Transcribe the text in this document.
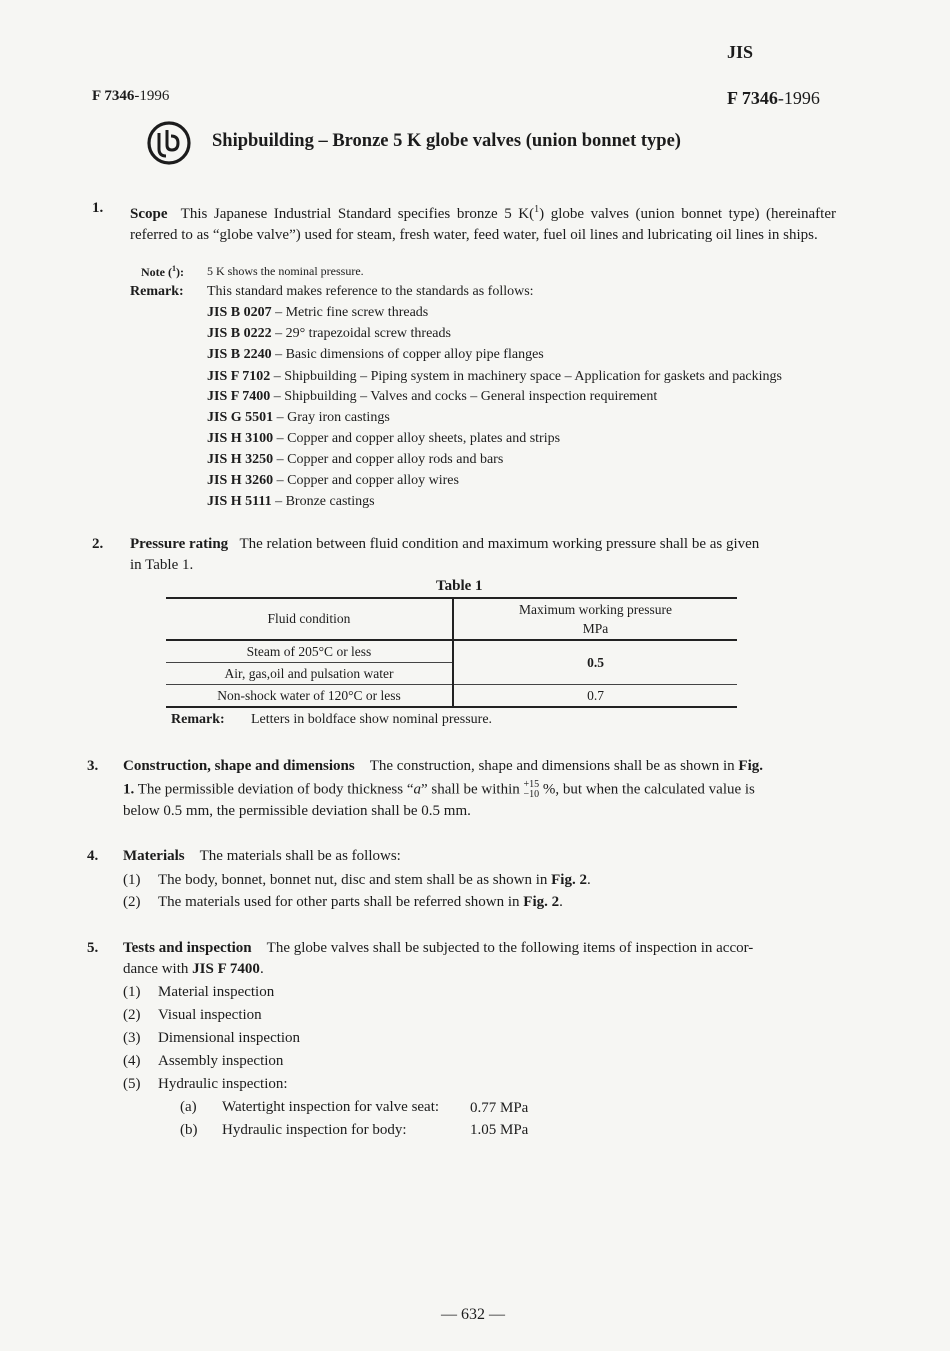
JIS
F 7346-1996	F 7346-1996
Shipbuilding – Bronze 5 K globe valves (union bonnet type)
1. Scope This Japanese Industrial Standard specifies bronze 5 K($^1$) globe valves (union bonnet type) (hereinafter referred to as “globe valve”) used for steam, fresh water, feed water, fuel oil lines and lubricating oil lines in ships.
Note ($^1$): 5 K shows the nominal pressure.
Remark: This standard makes reference to the standards as follows:
JIS B 0207 – Metric fine screw threads
JIS B 0222 – 29° trapezoidal screw threads
JIS B 2240 – Basic dimensions of copper alloy pipe flanges
JIS F 7102 – Shipbuilding – Piping system in machinery space – Application for gaskets and packings
JIS F 7400 – Shipbuilding – Valves and cocks – General inspection requirement
JIS G 5501 – Gray iron castings
JIS H 3100 – Copper and copper alloy sheets, plates and strips
JIS H 3250 – Copper and copper alloy rods and bars
JIS H 3260 – Copper and copper alloy wires
JIS H 5111 – Bronze castings
2. Pressure rating The relation between fluid condition and maximum working pressure shall be as given
in Table 1.
Table 1
Fluid condition	Maximum working pressure
MPa
Steam of 205°C or less	0.5
Air, gas,oil and pulsation water	
Non-shock water of 120°C or less	0.7
Remark: Letters in boldface show nominal pressure.
3. Construction, shape and dimensions The construction, shape and dimensions shall be as shown in Fig.
1. The permissible deviation of body thickness “a” shall be within +15
−10 %, but when the calculated value is
below 0.5 mm, the permissible deviation shall be 0.5 mm.
4. Materials The materials shall be as follows:
(1) The body, bonnet, bonnet nut, disc and stem shall be as shown in Fig. 2.
(2) The materials used for other parts shall be referred shown in Fig. 2.
5. Tests and inspection The globe valves shall be subjected to the following items of inspection in accor-
dance with JIS F 7400.
(1) Material inspection
(2) Visual inspection
(3) Dimensional inspection
(4) Assembly inspection
(5) Hydraulic inspection:
(a) Watertight inspection for valve seat: 0.77 MPa
(b) Hydraulic inspection for body:	1.05 MPa
— 632 —
